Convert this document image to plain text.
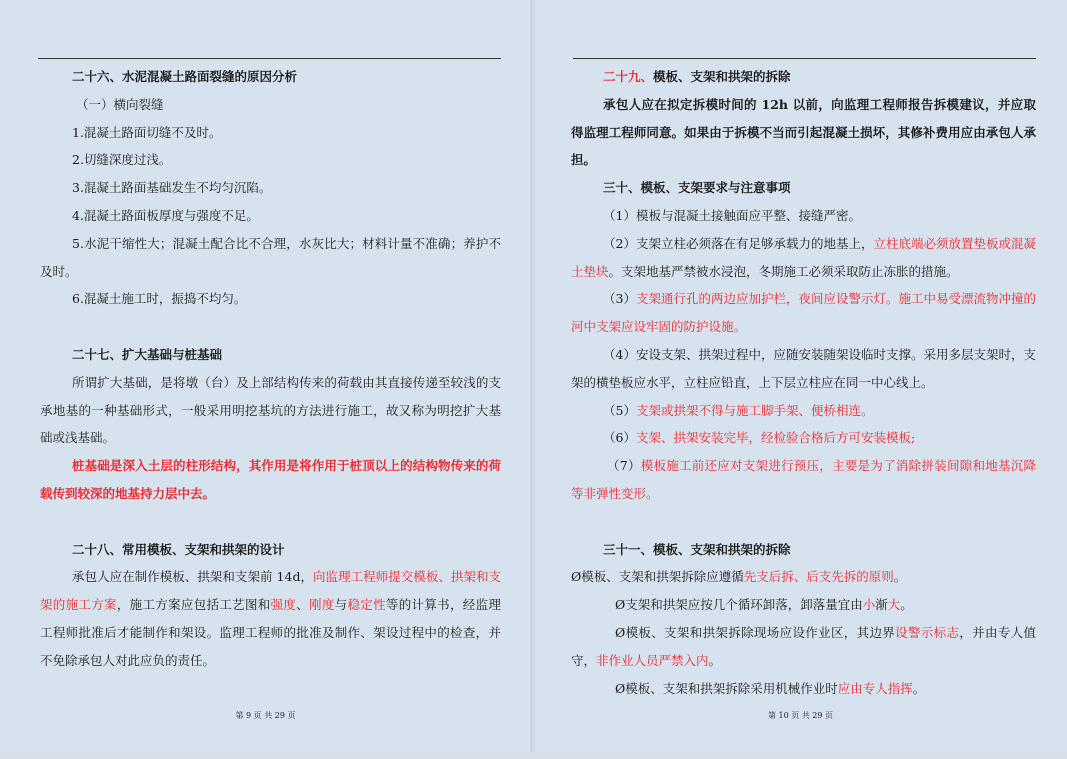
二十六、水泥混凝土路面裂缝的原因分析

（一）横向裂缝

1.混凝土路面切缝不及时。

2.切缝深度过浅。

3.混凝土路面基础发生不均匀沉陷。

4.混凝土路面板厚度与强度不足。

5.水泥干缩性大；混凝土配合比不合理，水灰比大；材料计量不准确；养护不及时。

6.混凝土施工时，振捣不均匀。

二十七、扩大基础与桩基础

所谓扩大基础，是将墩（台）及上部结构传来的荷载由其直接传递至较浅的支承地基的一种基础形式，一般采用明挖基坑的方法进行施工，故又称为明挖扩大基础或浅基础。

桩基础是深入土层的柱形结构，其作用是将作用于桩顶以上的结构物传来的荷载传到较深的地基持力层中去。

二十八、常用模板、支架和拱架的设计

承包人应在制作模板、拱架和支架前 14d，向监理工程师提交模板、拱架和支架的施工方案，施工方案应包括工艺图和强度、刚度与稳定性等的计算书，经监理工程师批准后才能制作和架设。监理工程师的批准及制作、架设过程中的检查，并不免除承包人对此应负的责任。

第 9 页 共 29 页

二十九、模板、支架和拱架的拆除

承包人应在拟定拆模时间的 12h 以前，向监理工程师报告拆模建议，并应取得监理工程师同意。如果由于拆模不当而引起混凝土损坏，其修补费用应由承包人承担。

三十、模板、支架要求与注意事项

（1）模板与混凝土接触面应平整、接缝严密。

（2）支架立柱必须落在有足够承载力的地基上，立柱底端必须放置垫板或混凝土垫块。支架地基严禁被水浸泡，冬期施工必须采取防止冻胀的措施。

（3）支架通行孔的两边应加护栏，夜间应设警示灯。施工中易受漂流物冲撞的河中支架应设牢固的防护设施。

（4）安设支架、拱架过程中，应随安装随架设临时支撑。采用多层支架时，支架的横垫板应水平，立柱应铅直，上下层立柱应在同一中心线上。

（5）支架或拱架不得与施工脚手架、便桥相连。

（6）支架、拱架安装完毕，经检验合格后方可安装模板;

（7）模板施工前还应对支架进行预压，主要是为了消除拼装间隙和地基沉降等非弹性变形。

三十一、模板、支架和拱架的拆除

Ø模板、支架和拱架拆除应遵循先支后拆、后支先拆的原则。

Ø支架和拱架应按几个循环卸落，卸落量宜由小渐大。

Ø模板、支架和拱架拆除现场应设作业区，其边界设警示标志，并由专人值守，非作业人员严禁入内。

Ø模板、支架和拱架拆除采用机械作业时应由专人指挥。

第 10 页 共 29 页
